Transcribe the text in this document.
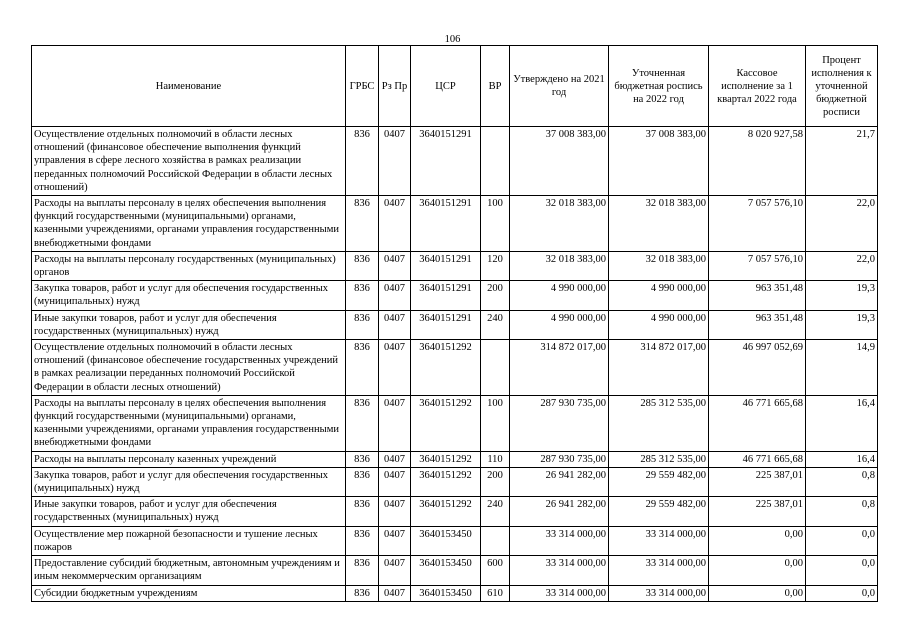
106
Наименование	ГРБС	Рз Пр	ЦСР	ВР	Утверждено на 2021 год	Уточненная бюджетная роспись на 2022 год	Кассовое исполнение за 1 квартал 2022 года	Процент исполнения к уточненной бюджетной росписи
Осуществление отдельных полномочий в области лесных отношений (финансовое обеспечение выполнения функций управления в сфере лесного хозяйства в рамках реализации переданных полномочий Российской Федерации в области лесных отношений)	836	0407	3640151291		37 008 383,00	37 008 383,00	8 020 927,58	21,7
Расходы на выплаты персоналу в целях обеспечения выполнения функций государственными (муниципальными) органами, казенными учреждениями, органами управления государственными внебюджетными фондами	836	0407	3640151291	100	32 018 383,00	32 018 383,00	7 057 576,10	22,0
Расходы на выплаты персоналу государственных (муниципальных) органов	836	0407	3640151291	120	32 018 383,00	32 018 383,00	7 057 576,10	22,0
Закупка товаров, работ и услуг для обеспечения государственных (муниципальных) нужд	836	0407	3640151291	200	4 990 000,00	4 990 000,00	963 351,48	19,3
Иные закупки товаров, работ и услуг для обеспечения государственных (муниципальных) нужд	836	0407	3640151291	240	4 990 000,00	4 990 000,00	963 351,48	19,3
Осуществление отдельных полномочий в области лесных отношений (финансовое обеспечение государственных учреждений в рамках реализации переданных полномочий Российской Федерации в области лесных отношений)	836	0407	3640151292		314 872 017,00	314 872 017,00	46 997 052,69	14,9
Расходы на выплаты персоналу в целях обеспечения выполнения функций государственными (муниципальными) органами, казенными учреждениями, органами управления государственными внебюджетными фондами	836	0407	3640151292	100	287 930 735,00	285 312 535,00	46 771 665,68	16,4
Расходы на выплаты персоналу казенных учреждений	836	0407	3640151292	110	287 930 735,00	285 312 535,00	46 771 665,68	16,4
Закупка товаров, работ и услуг для обеспечения государственных (муниципальных) нужд	836	0407	3640151292	200	26 941 282,00	29 559 482,00	225 387,01	0,8
Иные закупки товаров, работ и услуг для обеспечения государственных (муниципальных) нужд	836	0407	3640151292	240	26 941 282,00	29 559 482,00	225 387,01	0,8
Осуществление мер пожарной безопасности и тушение лесных пожаров	836	0407	3640153450		33 314 000,00	33 314 000,00	0,00	0,0
Предоставление субсидий бюджетным, автономным учреждениям и иным некоммерческим организациям	836	0407	3640153450	600	33 314 000,00	33 314 000,00	0,00	0,0
Субсидии бюджетным учреждениям	836	0407	3640153450	610	33 314 000,00	33 314 000,00	0,00	0,0
